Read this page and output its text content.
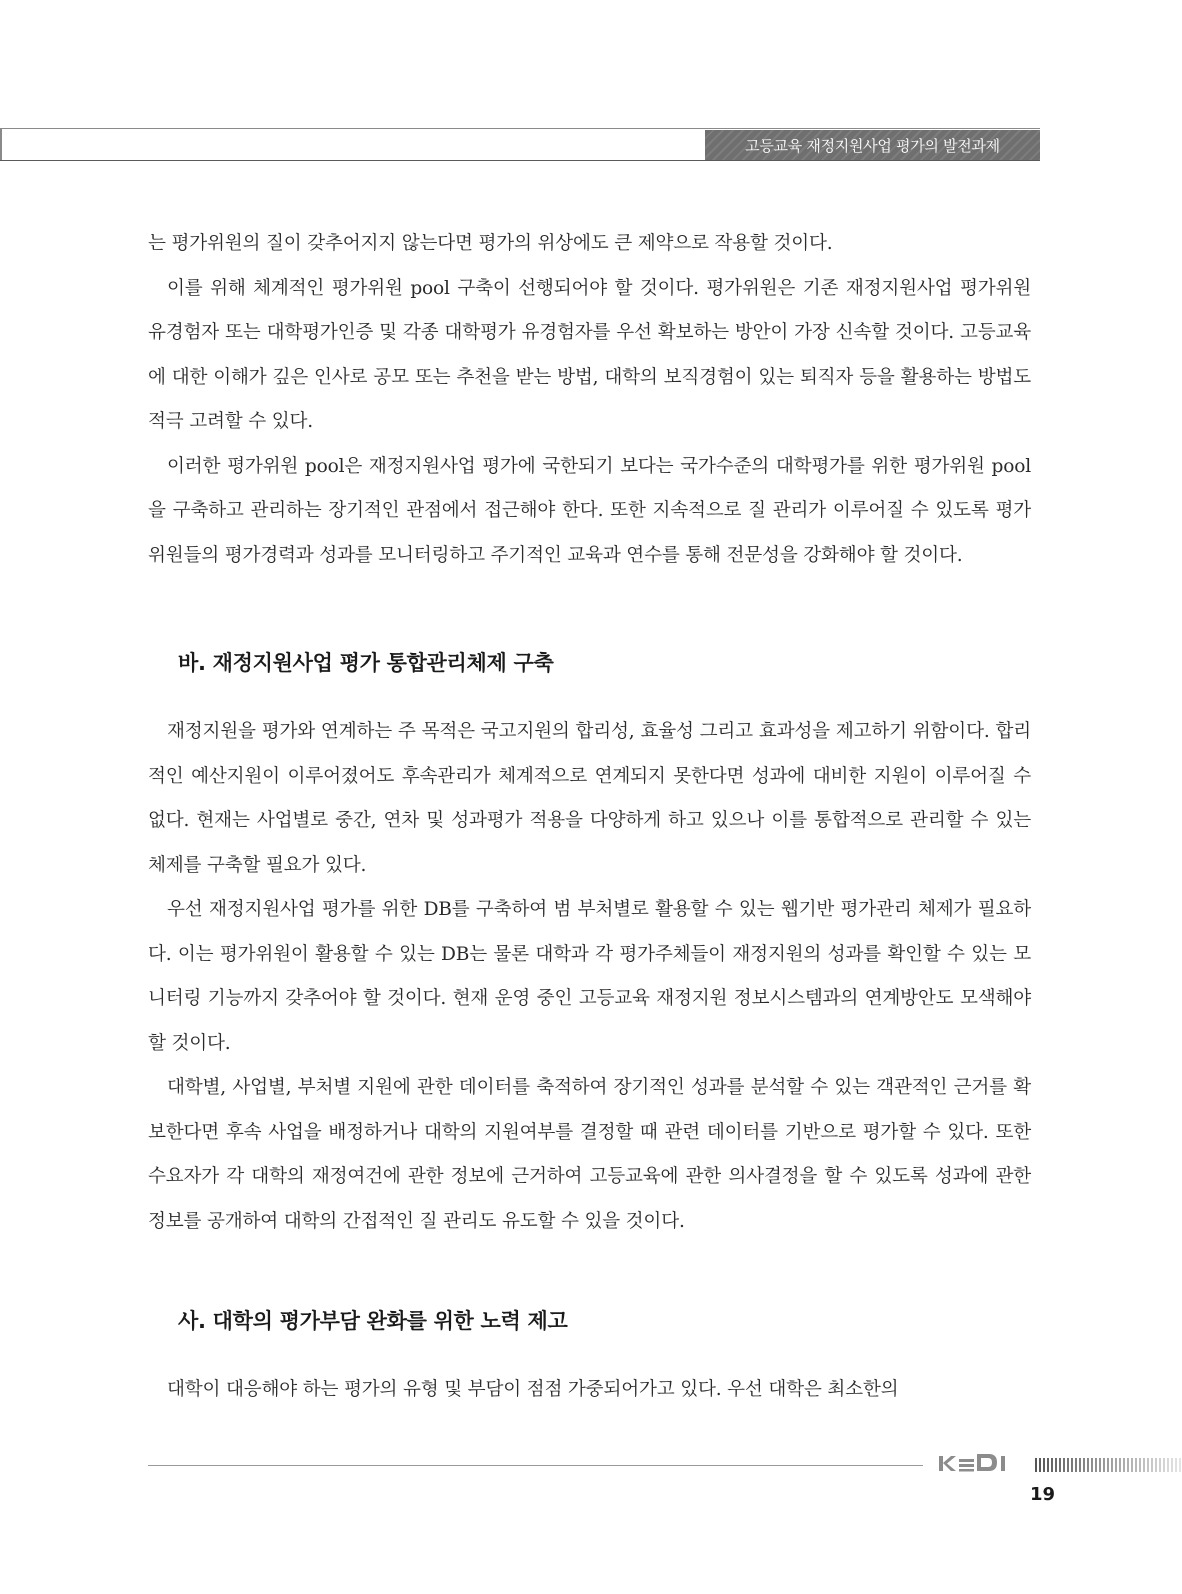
고등교육 재정지원사업 평가의 발전과제

는 평가위원의 질이 갖추어지지 않는다면 평가의 위상에도 큰 제약으로 작용할 것이다.

이를 위해 체계적인 평가위원 pool 구축이 선행되어야 할 것이다. 평가위원은 기존 재정지원사업 평가위원 유경험자 또는 대학평가인증 및 각종 대학평가 유경험자를 우선 확보하는 방안이 가장 신속할 것이다. 고등교육에 대한 이해가 깊은 인사로 공모 또는 추천을 받는 방법, 대학의 보직경험이 있는 퇴직자 등을 활용하는 방법도 적극 고려할 수 있다.

이러한 평가위원 pool은 재정지원사업 평가에 국한되기 보다는 국가수준의 대학평가를 위한 평가위원 pool을 구축하고 관리하는 장기적인 관점에서 접근해야 한다. 또한 지속적으로 질 관리가 이루어질 수 있도록 평가위원들의 평가경력과 성과를 모니터링하고 주기적인 교육과 연수를 통해 전문성을 강화해야 할 것이다.

바. 재정지원사업 평가 통합관리체제 구축

재정지원을 평가와 연계하는 주 목적은 국고지원의 합리성, 효율성 그리고 효과성을 제고하기 위함이다. 합리적인 예산지원이 이루어졌어도 후속관리가 체계적으로 연계되지 못한다면 성과에 대비한 지원이 이루어질 수 없다. 현재는 사업별로 중간, 연차 및 성과평가 적용을 다양하게 하고 있으나 이를 통합적으로 관리할 수 있는 체제를 구축할 필요가 있다.

우선 재정지원사업 평가를 위한 DB를 구축하여 범 부처별로 활용할 수 있는 웹기반 평가관리 체제가 필요하다. 이는 평가위원이 활용할 수 있는 DB는 물론 대학과 각 평가주체들이 재정지원의 성과를 확인할 수 있는 모니터링 기능까지 갖추어야 할 것이다. 현재 운영 중인 고등교육 재정지원 정보시스템과의 연계방안도 모색해야 할 것이다.

대학별, 사업별, 부처별 지원에 관한 데이터를 축적하여 장기적인 성과를 분석할 수 있는 객관적인 근거를 확보한다면 후속 사업을 배정하거나 대학의 지원여부를 결정할 때 관련 데이터를 기반으로 평가할 수 있다. 또한 수요자가 각 대학의 재정여건에 관한 정보에 근거하여 고등교육에 관한 의사결정을 할 수 있도록 성과에 관한 정보를 공개하여 대학의 간접적인 질 관리도 유도할 수 있을 것이다.

사. 대학의 평가부담 완화를 위한 노력 제고

대학이 대응해야 하는 평가의 유형 및 부담이 점점 가중되어가고 있다. 우선 대학은 최소한의

19
